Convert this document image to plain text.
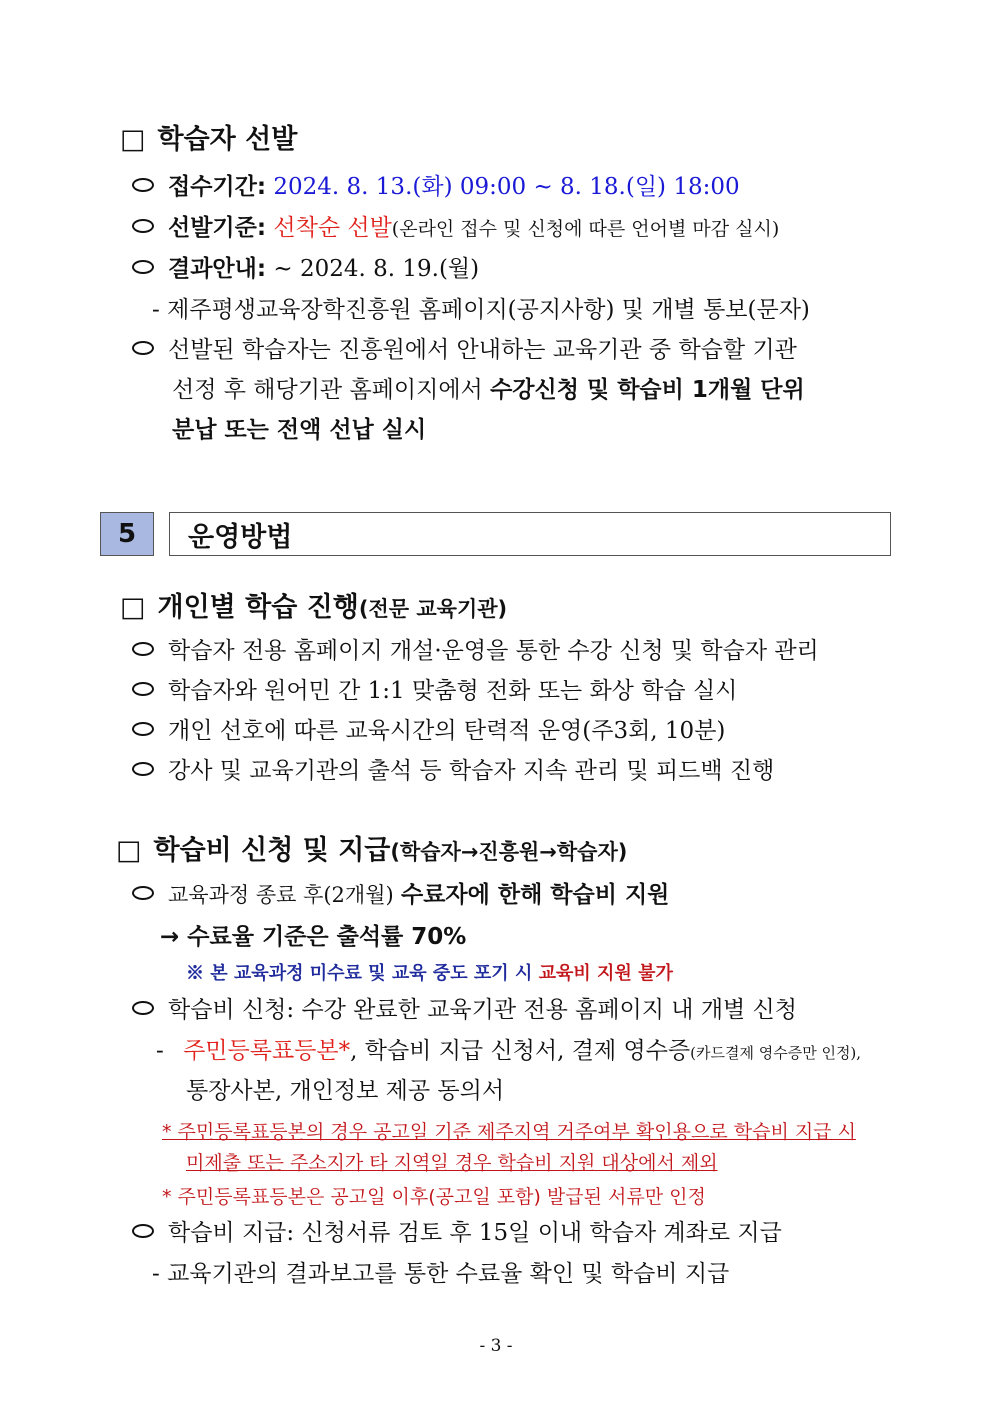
□ 학습자 선발
접수기간: 2024. 8. 13.(화) 09:00 ~ 8. 18.(일) 18:00
선발기준: 선착순 선발(온라인 접수 및 신청에 따른 언어별 마감 실시)
결과안내: ~ 2024. 8. 19.(월)
- 제주평생교육장학진흥원 홈페이지(공지사항) 및 개별 통보(문자)
선발된 학습자는 진흥원에서 안내하는 교육기관 중 학습할 기관
선정 후 해당기관 홈페이지에서 수강신청 및 학습비 1개월 단위
분납 또는 전액 선납 실시
5	운영방법
□ 개인별 학습 진행(전문 교육기관)
학습자 전용 홈페이지 개설·운영을 통한 수강 신청 및 학습자 관리
학습자와 원어민 간 1:1 맞춤형 전화 또는 화상 학습 실시
개인 선호에 따른 교육시간의 탄력적 운영(주3회, 10분)
강사 및 교육기관의 출석 등 학습자 지속 관리 및 피드백 진행
□ 학습비 신청 및 지급(학습자→진흥원→학습자)
교육과정 종료 후(2개월) 수료자에 한해 학습비 지원
→ 수료율 기준은 출석률 70%
※ 본 교육과정 미수료 및 교육 중도 포기 시 교육비 지원 불가
학습비 신청: 수강 완료한 교육기관 전용 홈페이지 내 개별 신청
- 주민등록표등본*, 학습비 지급 신청서, 결제 영수증(카드결제 영수증만 인정),
통장사본, 개인정보 제공 동의서
* 주민등록표등본의 경우 공고일 기준 제주지역 거주여부 확인용으로 학습비 지급 시
미제출 또는 주소지가 타 지역일 경우 학습비 지원 대상에서 제외
* 주민등록표등본은 공고일 이후(공고일 포함) 발급된 서류만 인정
학습비 지급: 신청서류 검토 후 15일 이내 학습자 계좌로 지급
- 교육기관의 결과보고를 통한 수료율 확인 및 학습비 지급
- 3 -
